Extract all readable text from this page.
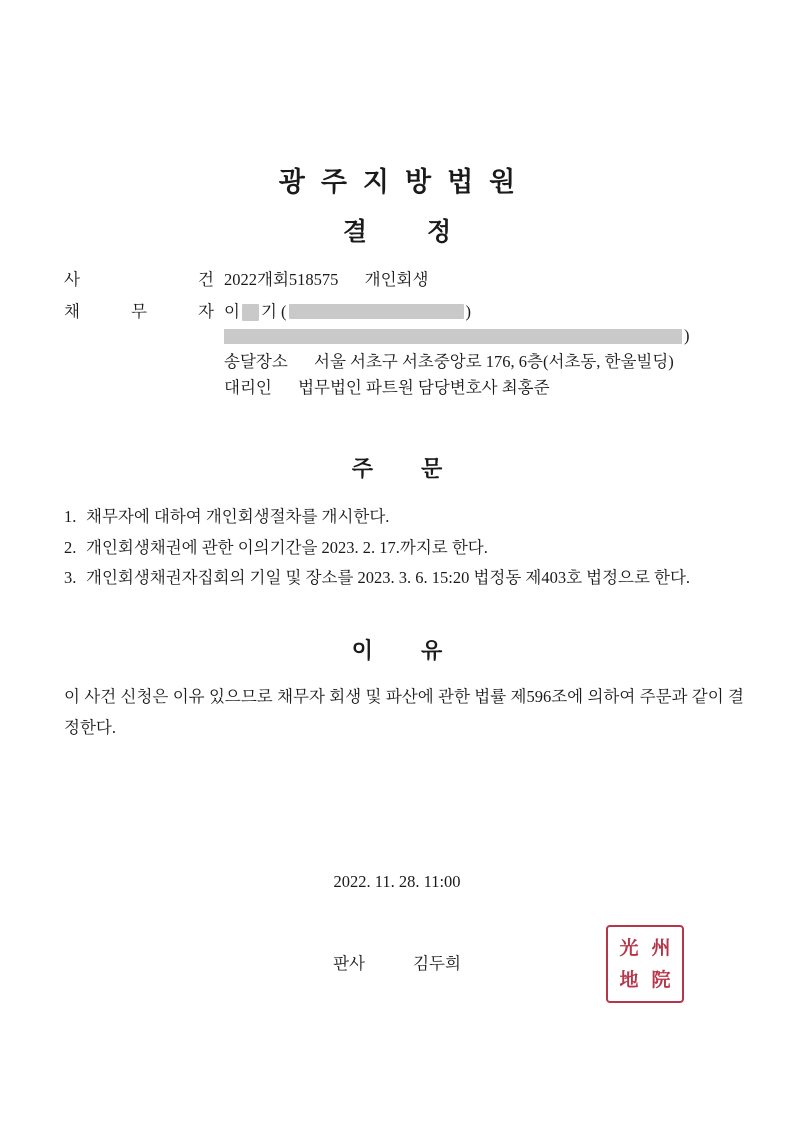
광주지방법원
결정
사	건 2022개회518575 개인회생
채	무	자 이 기 (	)
)
송달장소 서울 서초구 서초중앙로 176, 6층(서초동, 한울빌딩)
대리인 법무법인 파트원 담당변호사 최홍준
주문
1. 채무자에 대하여 개인회생절차를 개시한다.
2. 개인회생채권에 관한 이의기간을 2023. 2. 17.까지로 한다.
3. 개인회생채권자집회의 기일 및 장소를 2023. 3. 6. 15:20 법정동 제403호 법정으로 한다.
이유
이 사건 신청은 이유 있으므로 채무자 회생 및 파산에 관한 법률 제596조에 의하여 주문과 같이 결정한다.
2022. 11. 28. 11:00
판사	김두희
光 州
地 院
